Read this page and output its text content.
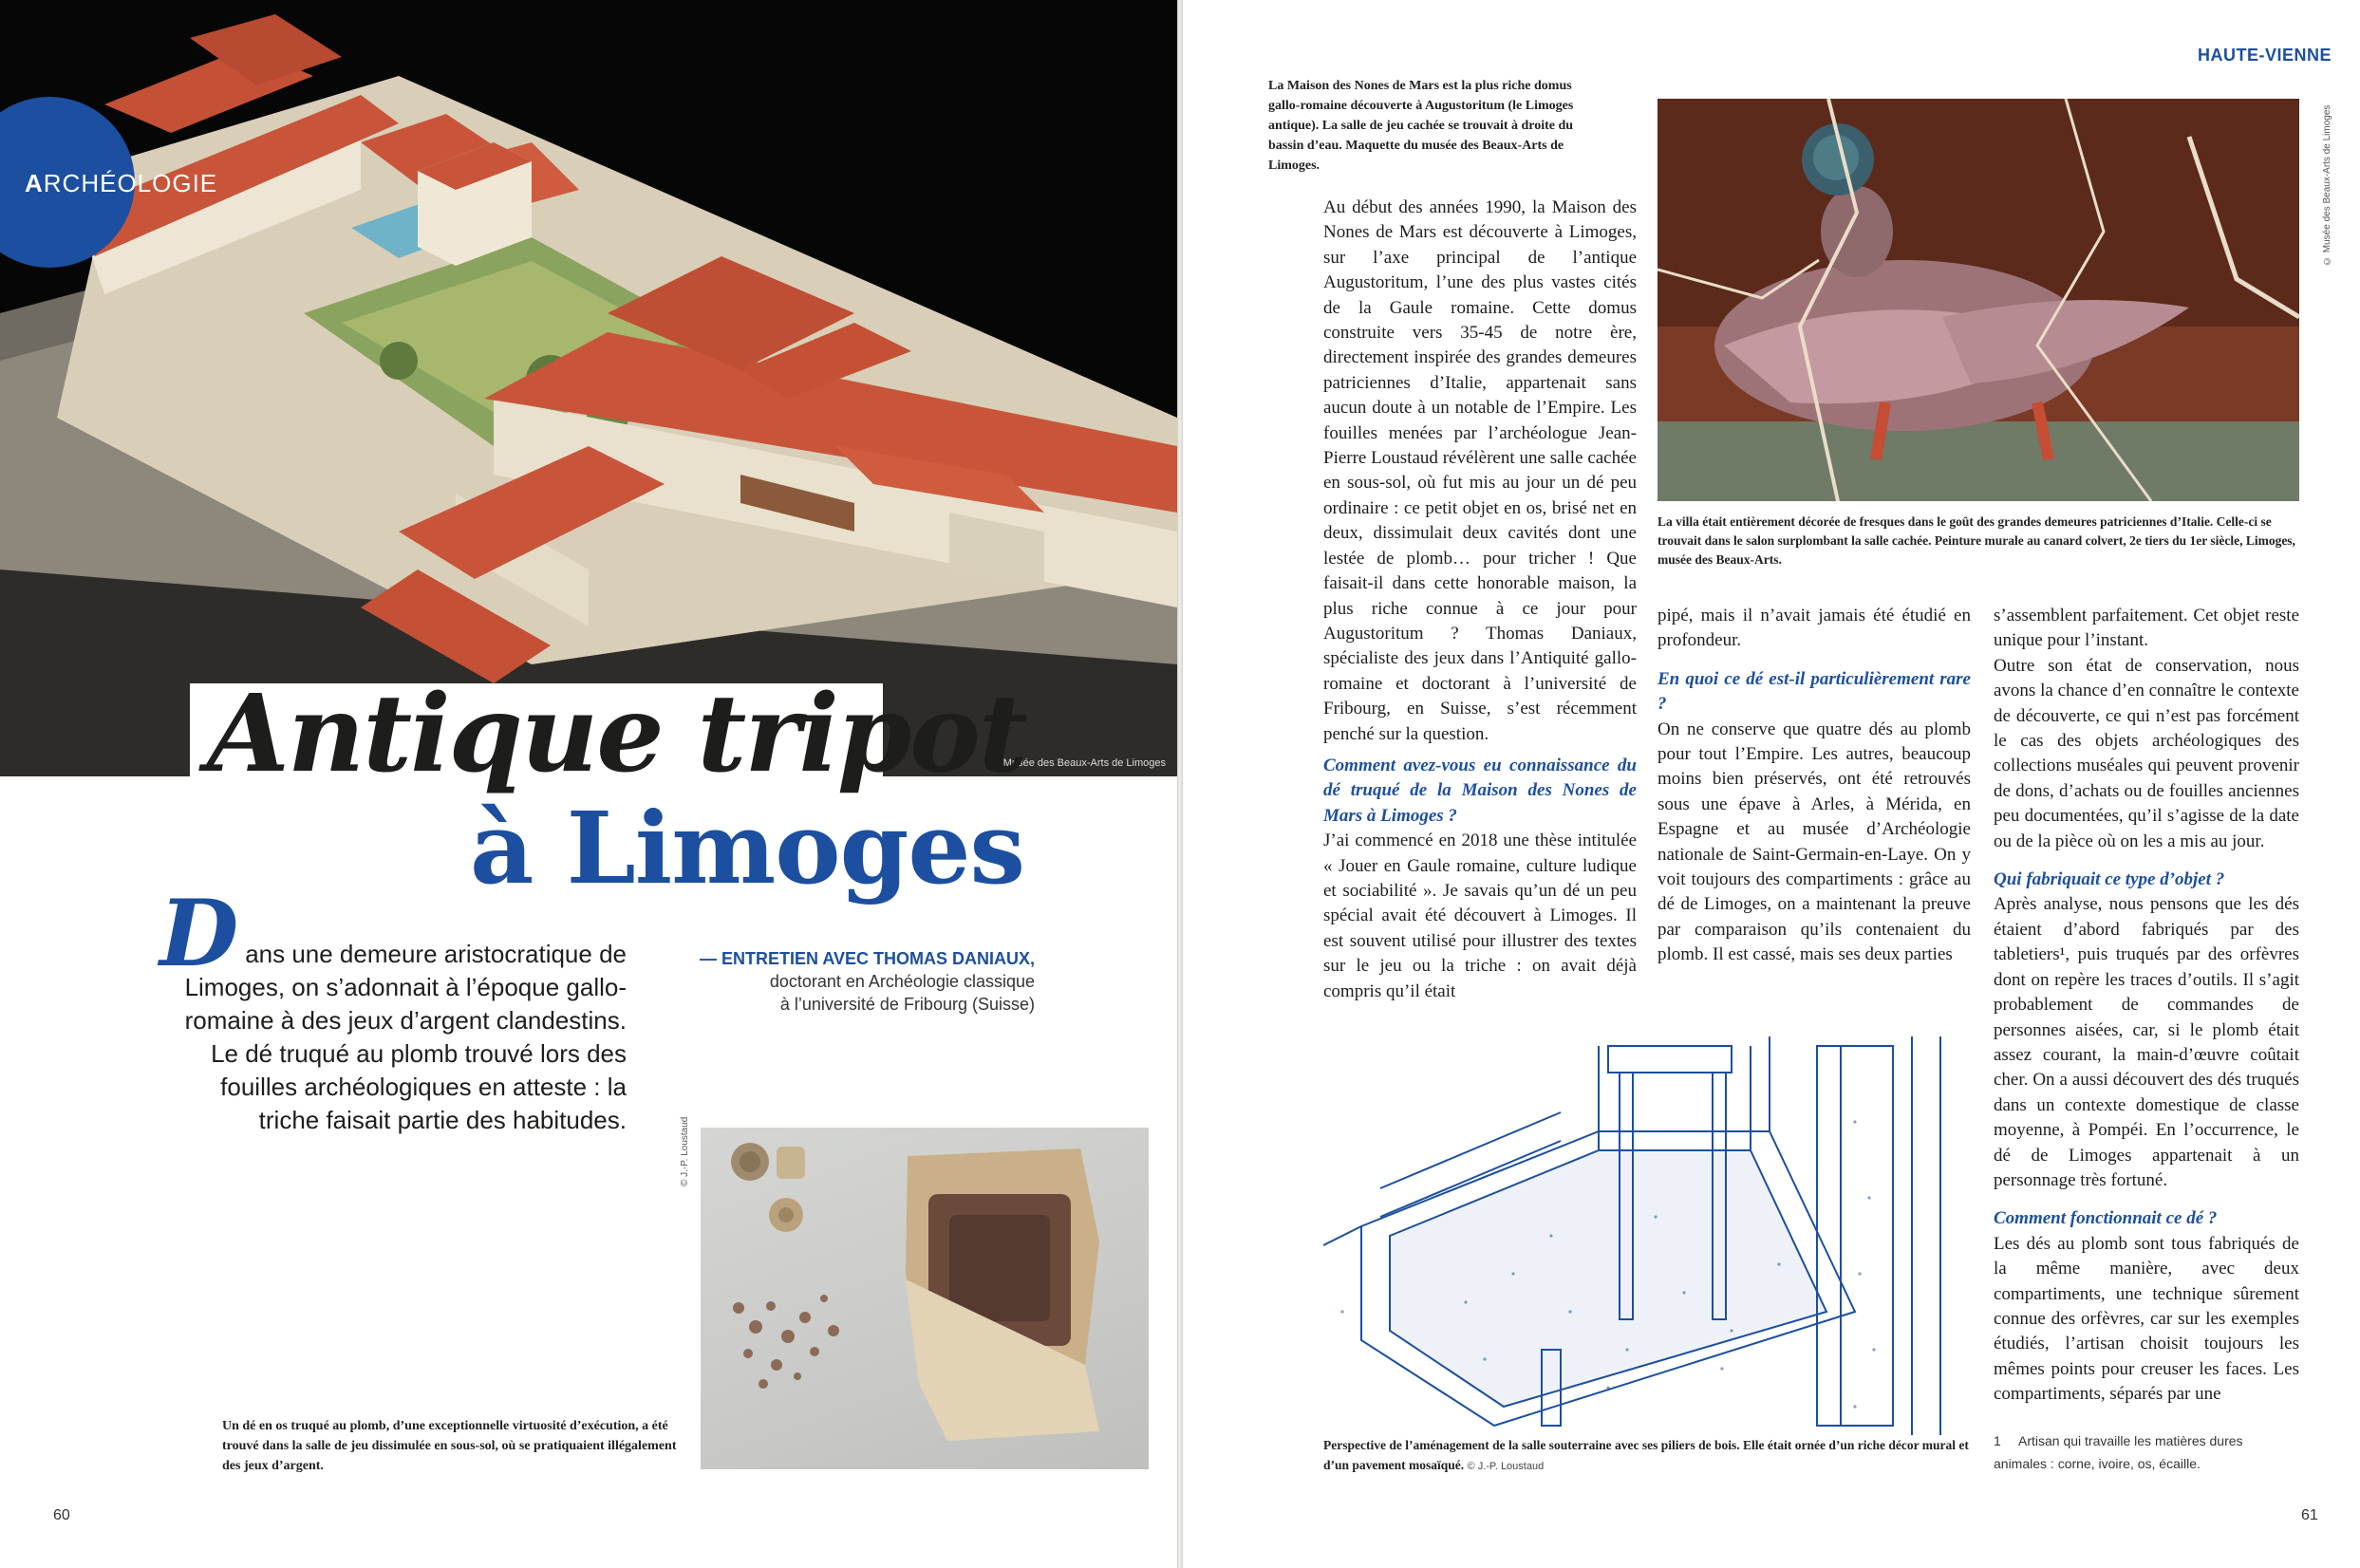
© Musée des Beaux-Arts de Limoges
ARCHÉOLOGIE
Antique tripot
à Limoges
D ans une demeure aristocratique de Limoges, on s’adonnait à l’époque gallo-romaine à des jeux d’argent clandestins. Le dé truqué au plomb trouvé lors des fouilles archéologiques en atteste : la triche faisait partie des habitudes.

— ENTRETIEN AVEC THOMAS DANIAUX,
doctorant en Archéologie classique
à l’université de Fribourg (Suisse)
© J.-P. Loustaud
Un dé en os truqué au plomb, d’une exceptionnelle virtuosité d’exécution, a été trouvé dans la salle de jeu dissimulée en sous-sol, où se pratiquaient illégalement des jeux d’argent.
60
HAUTE-VIENNE
La Maison des Nones de Mars est la plus riche domus gallo-romaine découverte à Augustoritum (le Limoges antique). La salle de jeu cachée se trouvait à droite du bassin d’eau. Maquette du musée des Beaux-Arts de Limoges.	© Musée des Beaux-Arts de Limoges
La villa était entièrement décorée de fresques dans le goût des grandes demeures patriciennes d’Italie. Celle-ci se trouvait dans le salon surplombant la salle cachée. Peinture murale au canard colvert, 2e tiers du 1er siècle, Limoges, musée des Beaux-Arts.

Au début des années 1990, la Maison des Nones de Mars est découverte à Limoges, sur l’axe principal de l’antique Augustoritum, l’une des plus vastes cités de la Gaule romaine. Cette domus construite vers 35-45 de notre ère, directement inspirée des grandes demeures patriciennes d’Italie, appartenait sans aucun doute à un notable de l’Empire. Les fouilles menées par l’archéologue Jean-Pierre Loustaud révélèrent une salle cachée en sous-sol, où fut mis au jour un dé peu ordinaire : ce petit objet en os, brisé net en deux, dissimulait deux cavités dont une lestée de plomb… pour tricher ! Que faisait-il dans cette honorable maison, la plus riche connue à ce jour pour Augustoritum ? Thomas Daniaux, spécialiste des jeux dans l’Antiquité gallo-romaine et doctorant à l’université de Fribourg, en Suisse, s’est récemment penché sur la question.

Comment avez-vous eu connaissance du dé truqué de la Maison des Nones de Mars à Limoges ?

J’ai commencé en 2018 une thèse intitulée « Jouer en Gaule romaine, culture ludique et sociabilité ». Je savais qu’un dé un peu spécial avait été découvert à Limoges. Il est souvent utilisé pour illustrer des textes sur le jeu ou la triche : on avait déjà compris qu’il était

pipé, mais il n’avait jamais été étudié en profondeur.

En quoi ce dé est-il particulièrement rare ?

On ne conserve que quatre dés au plomb pour tout l’Empire. Les autres, beaucoup moins bien préservés, ont été retrouvés sous une épave à Arles, à Mérida, en Espagne et au musée d’Archéologie nationale de Saint-Germain-en-Laye. On y voit toujours des compartiments : grâce au dé de Limoges, on a maintenant la preuve par comparaison qu’ils contenaient du plomb. Il est cassé, mais ses deux parties

s’assemblent parfaitement. Cet objet reste unique pour l’instant.

Outre son état de conservation, nous avons la chance d’en connaître le contexte de découverte, ce qui n’est pas forcément le cas des objets archéologiques des collections muséales qui peuvent provenir de dons, d’achats ou de fouilles anciennes peu documentées, qu’il s’agisse de la date ou de la pièce où on les a mis au jour.

Qui fabriquait ce type d’objet ?

Après analyse, nous pensons que les dés étaient d’abord fabriqués par des tabletiers¹, puis truqués par des orfèvres dont on repère les traces d’outils. Il s’agit probablement de commandes de personnes aisées, car, si le plomb était assez courant, la main-d’œuvre coûtait cher. On a aussi découvert des dés truqués dans un contexte domestique de classe moyenne, à Pompéi. En l’occurrence, le dé de Limoges appartenait à un personnage très fortuné.

Comment fonctionnait ce dé ?

Les dés au plomb sont tous fabriqués de la même manière, avec deux compartiments, une technique sûrement connue des orfèvres, car sur les exemples étudiés, l’artisan choisit toujours les mêmes points pour creuser les faces. Les compartiments, séparés par une

Perspective de l’aménagement de la salle souterraine avec ses piliers de bois. Elle était ornée d’un riche décor mural et d’un pavement mosaïqué. © J.-P. Loustaud
1 Artisan qui travaille les matières dures animales : corne, ivoire, os, écaille.
61
